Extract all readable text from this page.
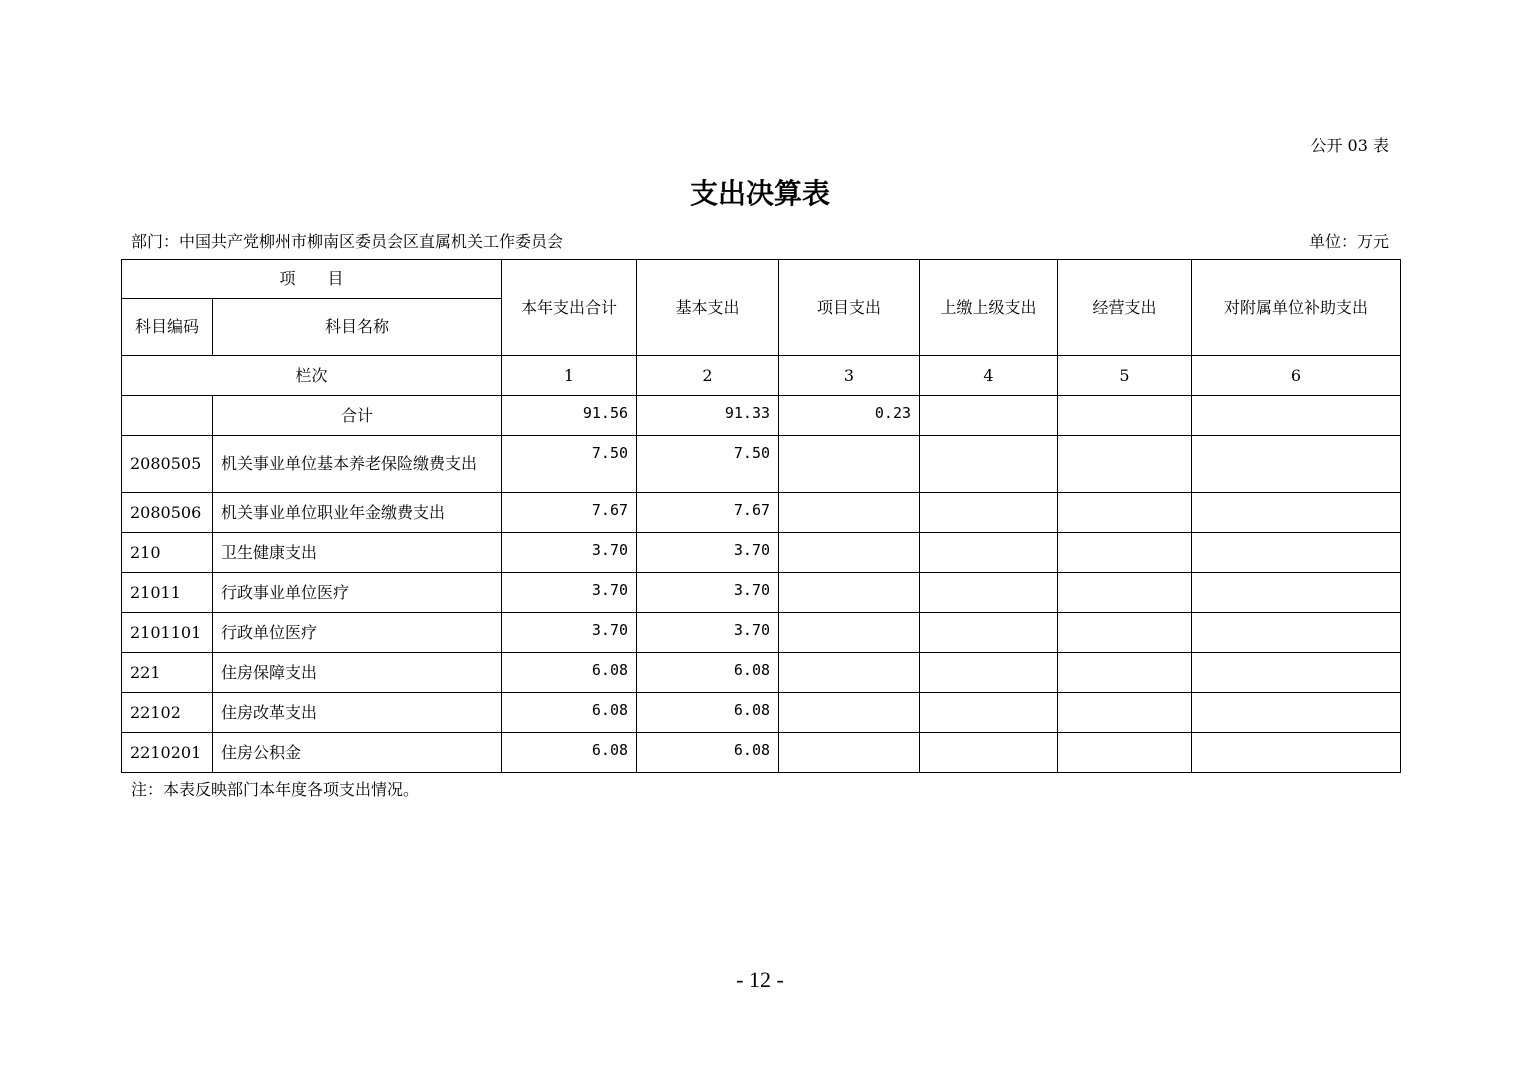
公开 03 表
支出决算表
部门：中国共产党柳州市柳南区委员会区直属机关工作委员会	单位：万元
项　　目		本年支出合计	基本支出	项目支出	上缴上级支出	经营支出	对附属单位补助支出
科目编码	科目名称						
栏次		1	2	3	4	5	6
	合计	91.56	91.33	0.23			
2080505	机关事业单位基本养老保险缴费支出	7.50	7.50				
2080506	机关事业单位职业年金缴费支出	7.67	7.67				
210	卫生健康支出	3.70	3.70				
21011	行政事业单位医疗	3.70	3.70				
2101101	行政单位医疗	3.70	3.70				
221	住房保障支出	6.08	6.08				
22102	住房改革支出	6.08	6.08				
2210201	住房公积金	6.08	6.08				
注：本表反映部门本年度各项支出情况。
- 12 -
